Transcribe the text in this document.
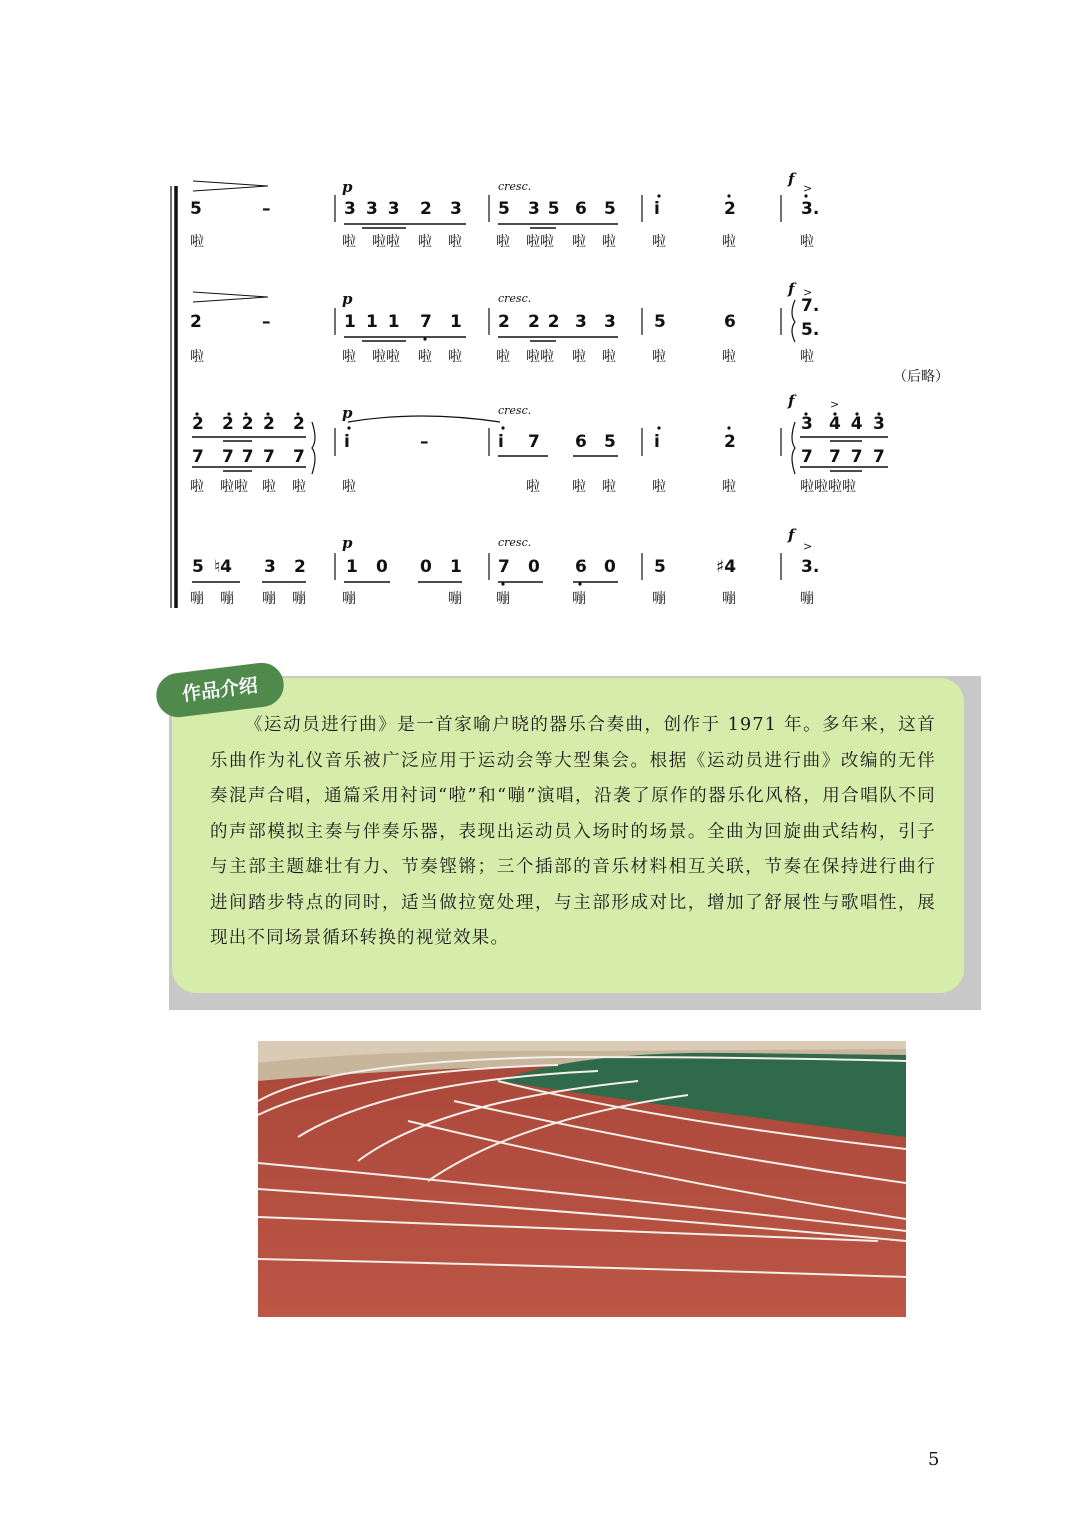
5	–	3 3 3 2 3 5 3 5 6 5 i	2	3.
p	cresc.	f
>
啦	啦 啦啦 啦 啦 啦 啦啦 啦 啦	啦	啦	啦
2	–	1 1 1 7 1 2 2 2 3 3 5	6
7.
5.
p	cresc.
f >
啦	啦 啦啦 啦 啦 啦 啦啦 啦 啦	啦	啦	啦
（后略）
2 2 2 2 2
i	–	i 7 6 5 i	2
3 4 4 3
7 7 7 7 7	7 7 7 7
p	cresc.
f	>
啦 啦啦 啦 啦	啦	啦 啦 啦	啦	啦	啦啦啦啦
5 ♮4 3 2 1 0 0 1 7 0 6 0 5	♯4	3.
p	cresc.	f
>
嘣 嘣 嘣 嘣	嘣	嘣 嘣	嘣	嘣	嘣	嘣
作品介绍
《运动员进行曲》是一首家喻户晓的器乐合奏曲，创作于 1971 年。多年来，这首乐曲作为礼仪音乐被广泛应用于运动会等大型集会。根据《运动员进行曲》改编的无伴奏混声合唱，通篇采用衬词“啦”和“嘣”演唱，沿袭了原作的器乐化风格，用合唱队不同的声部模拟主奏与伴奏乐器，表现出运动员入场时的场景。全曲为回旋曲式结构，引子与主部主题雄壮有力、节奏铿锵；三个插部的音乐材料相互关联，节奏在保持进行曲行进间踏步特点的同时，适当做拉宽处理，与主部形成对比，增加了舒展性与歌唱性，展现出不同场景循环转换的视觉效果。
5
